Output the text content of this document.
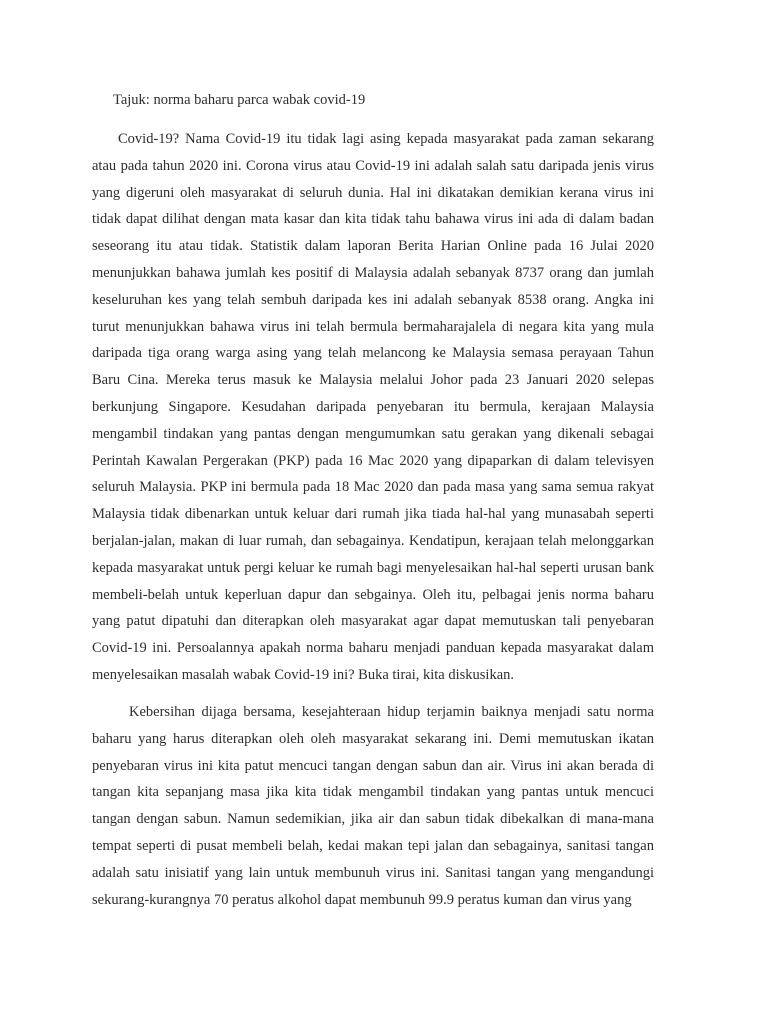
Tajuk: norma baharu parca wabak covid-19

Covid-19? Nama Covid-19 itu tidak lagi asing kepada masyarakat pada zaman sekarang atau pada tahun 2020 ini. Corona virus atau Covid-19 ini adalah salah satu daripada jenis virus yang digeruni oleh masyarakat di seluruh dunia. Hal ini dikatakan demikian kerana virus ini tidak dapat dilihat dengan mata kasar dan kita tidak tahu bahawa virus ini ada di dalam badan seseorang itu atau tidak. Statistik dalam laporan Berita Harian Online pada 16 Julai 2020 menunjukkan bahawa jumlah kes positif di Malaysia adalah sebanyak 8737 orang dan jumlah keseluruhan kes yang telah sembuh daripada kes ini adalah sebanyak 8538 orang. Angka ini turut menunjukkan bahawa virus ini telah bermula bermaharajalela di negara kita yang mula daripada tiga orang warga asing yang telah melancong ke Malaysia semasa perayaan Tahun Baru Cina. Mereka terus masuk ke Malaysia melalui Johor pada 23 Januari 2020 selepas berkunjung Singapore. Kesudahan daripada penyebaran itu bermula, kerajaan Malaysia mengambil tindakan yang pantas dengan mengumumkan satu gerakan yang dikenali sebagai Perintah Kawalan Pergerakan (PKP) pada 16 Mac 2020 yang dipaparkan di dalam televisyen seluruh Malaysia. PKP ini bermula pada 18 Mac 2020 dan pada masa yang sama semua rakyat Malaysia tidak dibenarkan untuk keluar dari rumah jika tiada hal-hal yang munasabah seperti berjalan-jalan, makan di luar rumah, dan sebagainya. Kendatipun, kerajaan telah melonggarkan kepada masyarakat untuk pergi keluar ke rumah bagi menyelesaikan hal-hal seperti urusan bank membeli-belah untuk keperluan dapur dan sebgainya. Oleh itu, pelbagai jenis norma baharu yang patut dipatuhi dan diterapkan oleh masyarakat agar dapat memutuskan tali penyebaran Covid-19 ini. Persoalannya apakah norma baharu menjadi panduan kepada masyarakat dalam menyelesaikan masalah wabak Covid-19 ini? Buka tirai, kita diskusikan.

Kebersihan dijaga bersama, kesejahteraan hidup terjamin baiknya menjadi satu norma baharu yang harus diterapkan oleh oleh masyarakat sekarang ini. Demi memutuskan ikatan penyebaran virus ini kita patut mencuci tangan dengan sabun dan air. Virus ini akan berada di tangan kita sepanjang masa jika kita tidak mengambil tindakan yang pantas untuk mencuci tangan dengan sabun. Namun sedemikian, jika air dan sabun tidak dibekalkan di mana-mana tempat seperti di pusat membeli belah, kedai makan tepi jalan dan sebagainya, sanitasi tangan adalah satu inisiatif yang lain untuk membunuh virus ini. Sanitasi tangan yang mengandungi sekurang-kurangnya 70 peratus alkohol dapat membunuh 99.9 peratus kuman dan virus yang
